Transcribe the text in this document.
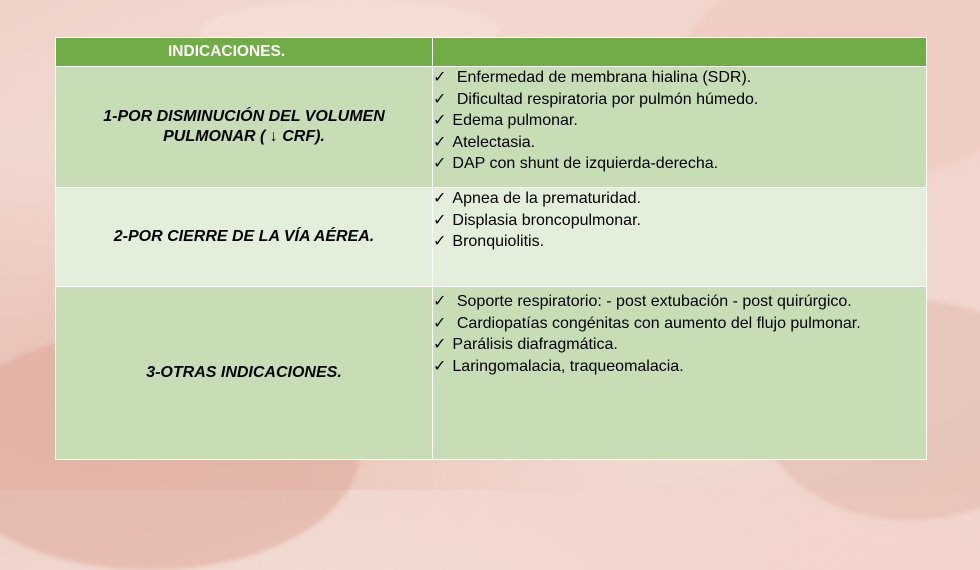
INDICACIONES.	

1-POR DISMINUCIÓN DEL VOLUMEN PULMONAR ( ↓ CRF).	✓ Enfermedad de membrana hialina (SDR).
✓ Dificultad respiratoria por pulmón húmedo.
✓ Edema pulmonar.
✓ Atelectasia.
✓ DAP con shunt de izquierda-derecha.

2-POR CIERRE DE LA VÍA AÉREA.	✓ Apnea de la prematuridad.
✓ Displasia broncopulmonar.
✓ Bronquiolitis.

3-OTRAS INDICACIONES.	✓ Soporte respiratorio: - post extubación - post quirúrgico.
✓ Cardiopatías congénitas con aumento del flujo pulmonar.
✓ Parálisis diafragmática.
✓ Laringomalacia, traqueomalacia.
